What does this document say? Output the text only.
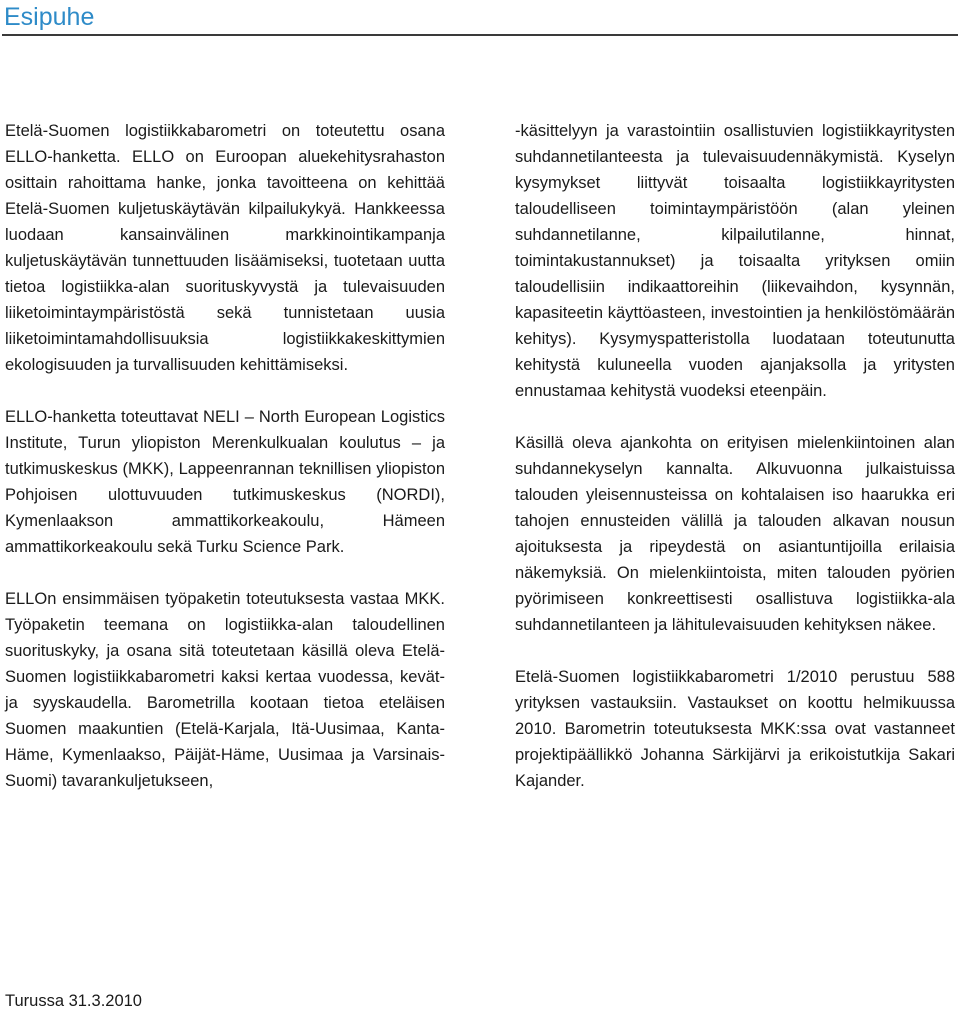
Esipuhe

Etelä-Suomen logistiikkabarometri on toteutettu osana ELLO-hanketta. ELLO on Euroopan aluekehitysrahaston osittain rahoittama hanke, jonka tavoitteena on kehittää Etelä-Suomen kuljetuskäytävän kilpailukykyä. Hankkeessa luodaan kansainvälinen markkinointikampanja kuljetuskäytävän tunnettuuden lisäämiseksi, tuotetaan uutta tietoa logistiikka-alan suorituskyvystä ja tulevaisuuden liiketoimintaympäristöstä sekä tunnistetaan uusia liiketoimintamahdollisuuksia logistiikkakeskittymien ekologisuuden ja turvallisuuden kehittämiseksi.

ELLO-hanketta toteuttavat NELI – North European Logistics Institute, Turun yliopiston Merenkulkualan koulutus – ja tutkimuskeskus (MKK), Lappeenrannan teknillisen yliopiston Pohjoisen ulottuvuuden tutkimuskeskus (NORDI), Kymenlaakson ammattikorkeakoulu, Hämeen ammattikorkeakoulu sekä Turku Science Park.

ELLOn ensimmäisen työpaketin toteutuksesta vastaa MKK. Työpaketin teemana on logistiikka-alan taloudellinen suorituskyky, ja osana sitä toteutetaan käsillä oleva Etelä-Suomen logistiikkabarometri kaksi kertaa vuodessa, kevät- ja syyskaudella. Barometrilla kootaan tietoa eteläisen Suomen maakuntien (Etelä-Karjala, Itä-Uusimaa, Kanta-Häme, Kymenlaakso, Päijät-Häme, Uusimaa ja Varsinais-Suomi) tavarankuljetukseen,

-käsittelyyn ja varastointiin osallistuvien logistiikkayritysten suhdannetilanteesta ja tulevaisuudennäkymistä. Kyselyn kysymykset liittyvät toisaalta logistiikkayritysten taloudelliseen toimintaympäristöön (alan yleinen suhdannetilanne, kilpailutilanne, hinnat, toimintakustannukset) ja toisaalta yrityksen omiin taloudellisiin indikaattoreihin (liikevaihdon, kysynnän, kapasiteetin käyttöasteen, investointien ja henkilöstömäärän kehitys). Kysymyspatteristolla luodataan toteutunutta kehitystä kuluneella vuoden ajanjaksolla ja yritysten ennustamaa kehitystä vuodeksi eteenpäin.

Käsillä oleva ajankohta on erityisen mielenkiintoinen alan suhdannekyselyn kannalta. Alkuvuonna julkaistuissa talouden yleisennusteissa on kohtalaisen iso haarukka eri tahojen ennusteiden välillä ja talouden alkavan nousun ajoituksesta ja ripeydestä on asiantuntijoilla erilaisia näkemyksiä. On mielenkiintoista, miten talouden pyörien pyörimiseen konkreettisesti osallistuva logistiikka-ala suhdannetilanteen ja lähitulevaisuuden kehityksen näkee.

Etelä-Suomen logistiikkabarometri 1/2010 perustuu 588 yrityksen vastauksiin. Vastaukset on koottu helmikuussa 2010. Barometrin toteutuksesta MKK:ssa ovat vastanneet projektipäällikkö Johanna Särkijärvi ja erikoistutkija Sakari Kajander.

Turussa 31.3.2010
